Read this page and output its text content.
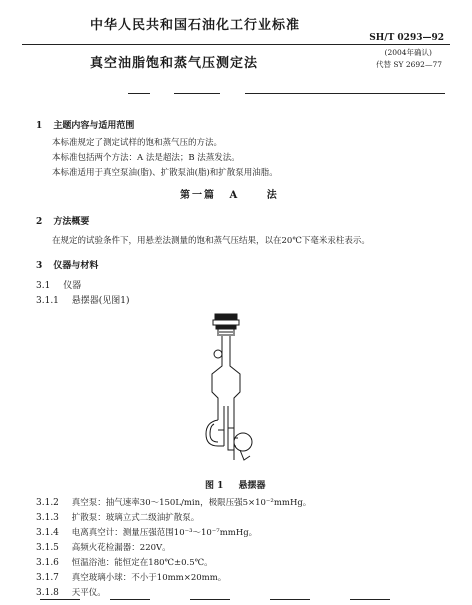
中华人民共和国石油化工行业标准
SH/T 0293—92
真空油脂饱和蒸气压测定法
(2004年确认)
代替 SY 2692—77
1 主题内容与适用范围
本标准规定了测定试样的饱和蒸气压的方法。
本标准包括两个方法：A 法是超法；B 法蒸发法。
本标准适用于真空泵油(脂)、扩散泵油(脂)和扩散泵用油脂。
第一篇 A	法
2 方法概要
在规定的试验条件下，用悬差法测量的饱和蒸气压结果，以在20℃下毫米汞柱表示。
3 仪器与材料
3.1 仪器
3.1.1 悬摆器(见图1)
图 1 悬摆器
3.1.2 真空泵：抽气速率30～150L/min，极限压强5×10⁻²mmHg。
3.1.3 扩散泵：玻璃立式二级油扩散泵。
3.1.4 电离真空计：测量压强范围10⁻³～10⁻⁷mmHg。
3.1.5 高频火花检漏器：220V。
3.1.6 恒温浴池：能恒定在180℃±0.5℃。
3.1.7 真空玻璃小球：不小于10mm×20mm。
3.1.8 天平仪。
